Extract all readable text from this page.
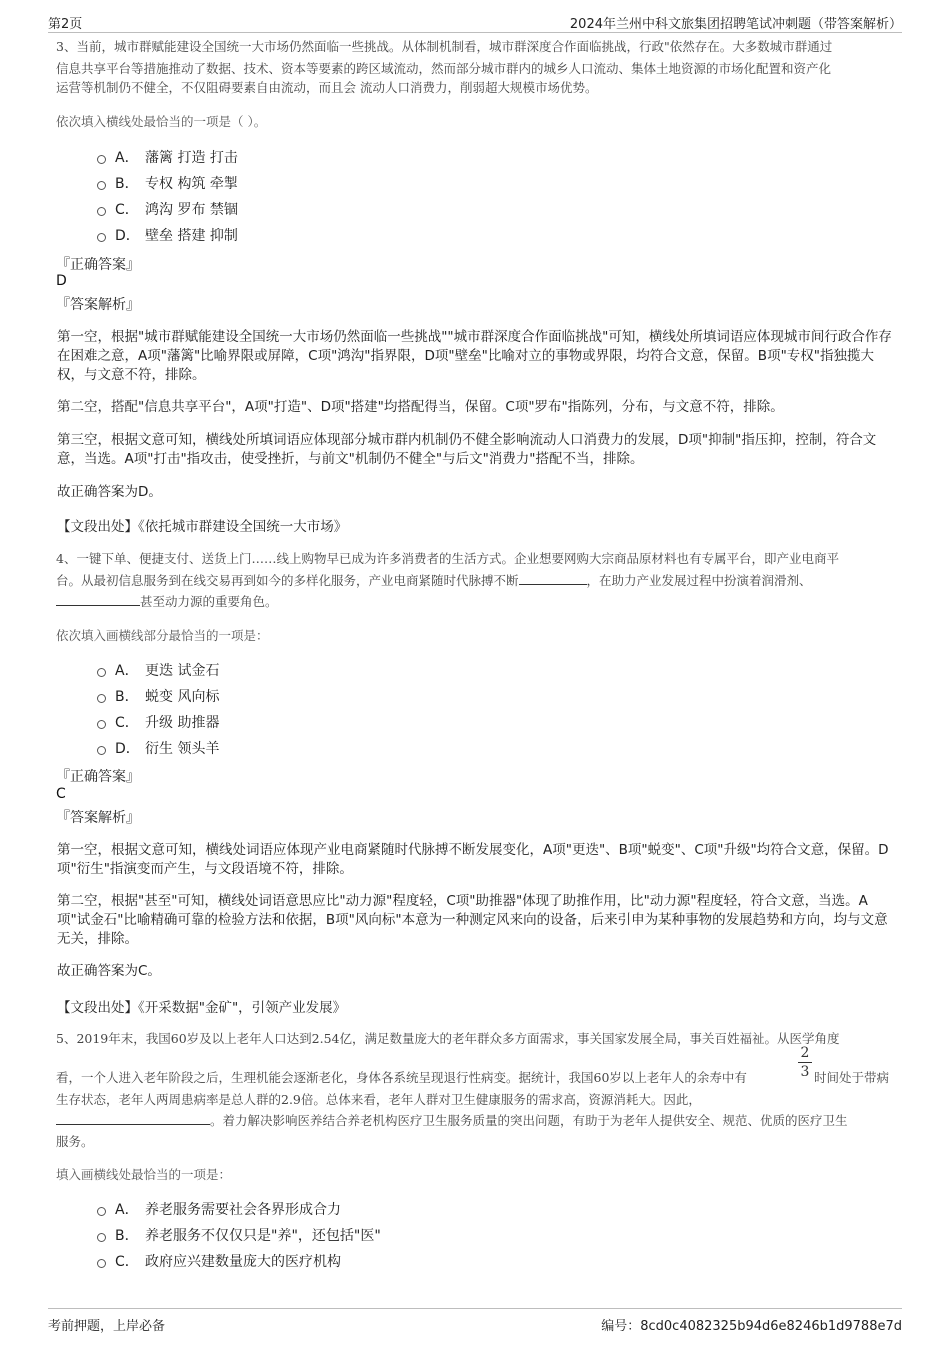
第2页	2024年兰州中科文旅集团招聘笔试冲刺题（带答案解析）
3、当前，城市群赋能建设全国统一大市场仍然面临一些挑战。从体制机制看，城市群深度合作面临挑战，行政"依然存在。大多数城市群通过
信息共享平台等措施推动了数据、技术、资本等要素的跨区域流动，然而部分城市群内的城乡人口流动、集体土地资源的市场化配置和资产化
运营等机制仍不健全，不仅阻碍要素自由流动，而且会 流动人口消费力，削弱超大规模市场优势。
依次填入横线处最恰当的一项是（ ）。
A． 藩篱 打造 打击
B． 专权 构筑 牵掣
C． 鸿沟 罗布 禁锢
D． 壁垒 搭建 抑制
『正确答案』
D
『答案解析』
第一空，根据"城市群赋能建设全国统一大市场仍然面临一些挑战""城市群深度合作面临挑战"可知，横线处所填词语应体现城市间行政合作存在困难之意，A项"藩篱"比喻界限或屏障，C项"鸿沟"指界限，D项"壁垒"比喻对立的事物或界限，均符合文意，保留。B项"专权"指独揽大权，与文意不符，排除。
第二空，搭配"信息共享平台"，A项"打造"、D项"搭建"均搭配得当，保留。C项"罗布"指陈列，分布，与文意不符，排除。
第三空，根据文意可知，横线处所填词语应体现部分城市群内机制仍不健全影响流动人口消费力的发展，D项"抑制"指压抑，控制，符合文意，当选。A项"打击"指攻击，使受挫折，与前文"机制仍不健全"与后文"消费力"搭配不当，排除。
故正确答案为D。
【文段出处】《依托城市群建设全国统一大市场》
4、一键下单、便捷支付、送货上门……线上购物早已成为许多消费者的生活方式。企业想要网购大宗商品原材料也有专属平台，即产业电商平
台。从最初信息服务到在线交易再到如今的多样化服务，产业电商紧随时代脉搏不断	，在助力产业发展过程中扮演着润滑剂、
甚至动力源的重要角色。
依次填入画横线部分最恰当的一项是：
A． 更迭 试金石
B． 蜕变 风向标
C． 升级 助推器
D． 衍生 领头羊
『正确答案』
C
『答案解析』
第一空，根据文意可知，横线处词语应体现产业电商紧随时代脉搏不断发展变化，A项"更迭"、B项"蜕变"、C项"升级"均符合文意，保留。D项"衍生"指演变而产生，与文段语境不符，排除。
第二空，根据"甚至"可知，横线处词语意思应比"动力源"程度轻，C项"助推器"体现了助推作用，比"动力源"程度轻，符合文意，当选。A项"试金石"比喻精确可靠的检验方法和依据，B项"风向标"本意为一种测定风来向的设备，后来引申为某种事物的发展趋势和方向，均与文意无关，排除。
故正确答案为C。
【文段出处】《开采数据"金矿"，引领产业发展》
5、2019年末，我国60岁及以上老年人口达到2.54亿，满足数量庞大的老年群众多方面需求，事关国家发展全局，事关百姓福祉。从医学角度
看，一个人进入老年阶段之后，生理机能会逐渐老化，身体各系统呈现退行性病变。据统计，我国60岁以上老年人的余寿中有
2
3 时间处于带病
生存状态，老年人两周患病率是总人群的2.9倍。总体来看，老年人群对卫生健康服务的需求高，资源消耗大。因此，
。着力解决影响医养结合养老机构医疗卫生服务质量的突出问题，有助于为老年人提供安全、规范、优质的医疗卫生
服务。
填入画横线处最恰当的一项是：
A． 养老服务需要社会各界形成合力
B． 养老服务不仅仅只是"养"，还包括"医"
C． 政府应兴建数量庞大的医疗机构
考前押题，上岸必备	编号：8cd0c4082325b94d6e8246b1d9788e7d
